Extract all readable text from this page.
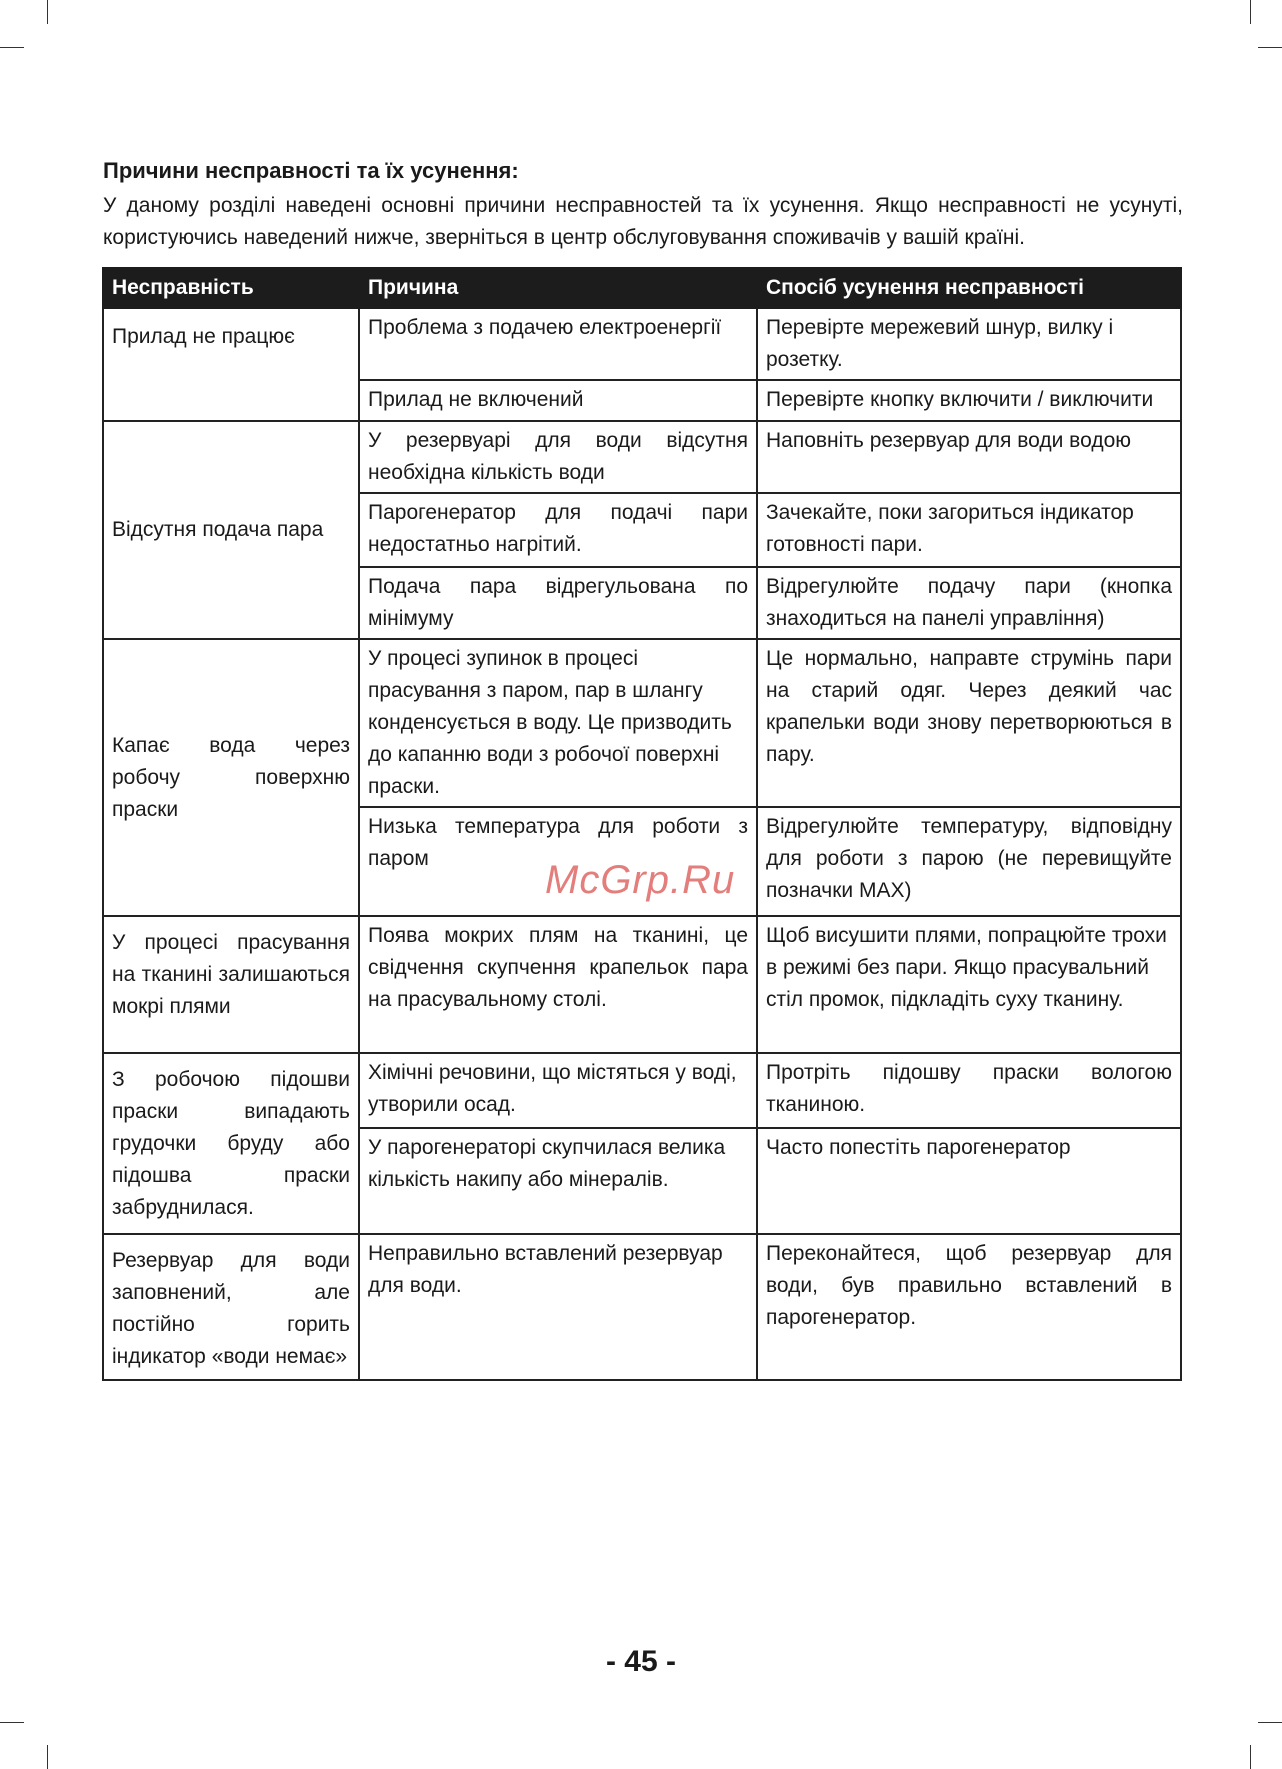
Причини несправності та їх усунення:
У даному розділі наведені основні причини несправностей та їх усунення. Якщо несправності не усунуті, користуючись наведений нижче, зверніться в центр обслуговування споживачів у вашій країні.
Несправність	Причина	Спосіб усунення несправності
Прилад не працює	Проблема з подачею електроенергії	Перевірте мережевий шнур, вилку і розетку.
	Прилад не включений	Перевірте кнопку включити / виключити
Відсутня подача пара	У резервуарі для води відсутня необхідна кількість води	Наповніть резервуар для води водою
	Парогенератор для подачі пари недостатньо нагрітий.	Зачекайте, поки загориться індикатор готовності пари.
	Подача пара відрегульована по мінімуму	Відрегулюйте подачу пари (кнопка знаходиться на панелі управління)
Капає вода через робочу поверхню праски	У процесі зупинок в процесі прасування з паром, пар в шлангу конденсується в воду. Це призводить до капанню води з робочої поверхні праски.	Це нормально, направте струмінь пари на старий одяг. Через деякий час крапельки води знову перетворюються в пару.
	Низька температура для роботи з паром	Відрегулюйте температуру, відповідну для роботи з парою (не перевищуйте позначки MAX)
У процесі прасування на тканині залишаються мокрі плями	Поява мокрих плям на тканині, це свідчення скупчення крапельок пара на прасувальному столі.	Щоб висушити плями, попрацюйте трохи в режимі без пари. Якщо прасувальний стіл промок, підкладіть суху тканину.
З робочою підошви праски випадають грудочки бруду або підошва праски забруднилася.	Хімічні речовини, що містяться у воді, утворили осад.	Протріть підошву праски вологою тканиною.
	У парогенераторі скупчилася велика кількість накипу або мінералів.	Часто попестіть парогенератор
Резервуар для води заповнений, але постійно горить індикатор «води немає»	Неправильно вставлений резервуар для води.	Переконайтеся, щоб резервуар для води, був правильно вставлений в парогенератор.
McGrp.Ru
- 45 -
